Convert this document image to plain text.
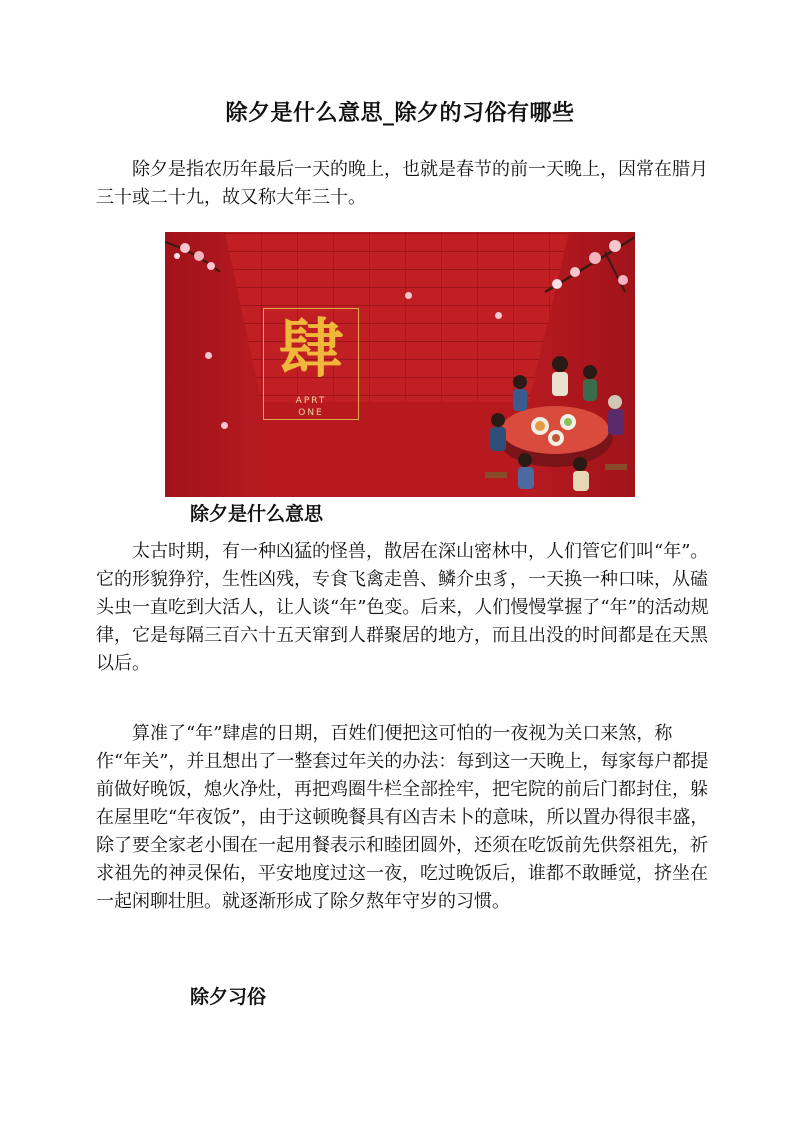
除夕是什么意思_除夕的习俗有哪些

除夕是指农历年最后一天的晚上，也就是春节的前一天晚上，因常在腊月三十或二十九，故又称大年三十。

肆
APRT
ONE
除夕是什么意思

太古时期，有一种凶猛的怪兽，散居在深山密林中，人们管它们叫“年”。它的形貌狰狞，生性凶残，专食飞禽走兽、鳞介虫豸，一天换一种口味，从磕头虫一直吃到大活人，让人谈“年”色变。后来，人们慢慢掌握了“年”的活动规律，它是每隔三百六十五天窜到人群聚居的地方，而且出没的时间都是在天黑以后。

算准了“年”肆虐的日期，百姓们便把这可怕的一夜视为关口来煞，称作“年关”，并且想出了一整套过年关的办法：每到这一天晚上，每家每户都提前做好晚饭，熄火净灶，再把鸡圈牛栏全部拴牢，把宅院的前后门都封住，躲在屋里吃“年夜饭”，由于这顿晚餐具有凶吉未卜的意味，所以置办得很丰盛，除了要全家老小围在一起用餐表示和睦团圆外，还须在吃饭前先供祭祖先，祈求祖先的神灵保佑，平安地度过这一夜，吃过晚饭后，谁都不敢睡觉，挤坐在一起闲聊壮胆。就逐渐形成了除夕熬年守岁的习惯。

除夕习俗
